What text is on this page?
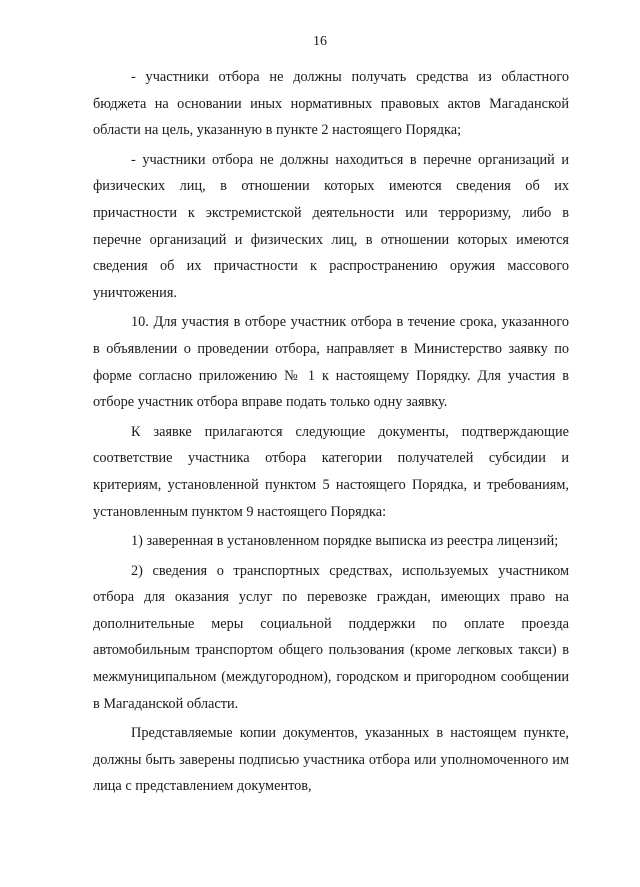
16

- участники отбора не должны получать средства из областного бюджета на основании иных нормативных правовых актов Магаданской области на цель, указанную в пункте 2 настоящего Порядка;

- участники отбора не должны находиться в перечне организаций и физических лиц, в отношении которых имеются сведения об их причастности к экстремистской деятельности или терроризму, либо в перечне организаций и физических лиц, в отношении которых имеются сведения об их причастности к распространению оружия массового уничтожения.

10. Для участия в отборе участник отбора в течение срока, указанного в объявлении о проведении отбора, направляет в Министерство заявку по форме согласно приложению № 1 к настоящему Порядку. Для участия в отборе участник отбора вправе подать только одну заявку.

К заявке прилагаются следующие документы, подтверждающие соответствие участника отбора категории получателей субсидии и критериям, установленной пунктом 5 настоящего Порядка, и требованиям, установленным пунктом 9 настоящего Порядка:

1) заверенная в установленном порядке выписка из реестра лицензий;

2) сведения о транспортных средствах, используемых участником отбора для оказания услуг по перевозке граждан, имеющих право на дополнительные меры социальной поддержки по оплате проезда автомобильным транспортом общего пользования (кроме легковых такси) в межмуниципальном (междугородном), городском и пригородном сообщении в Магаданской области.

Представляемые копии документов, указанных в настоящем пункте, должны быть заверены подписью участника отбора или уполномоченного им лица с представлением документов,
